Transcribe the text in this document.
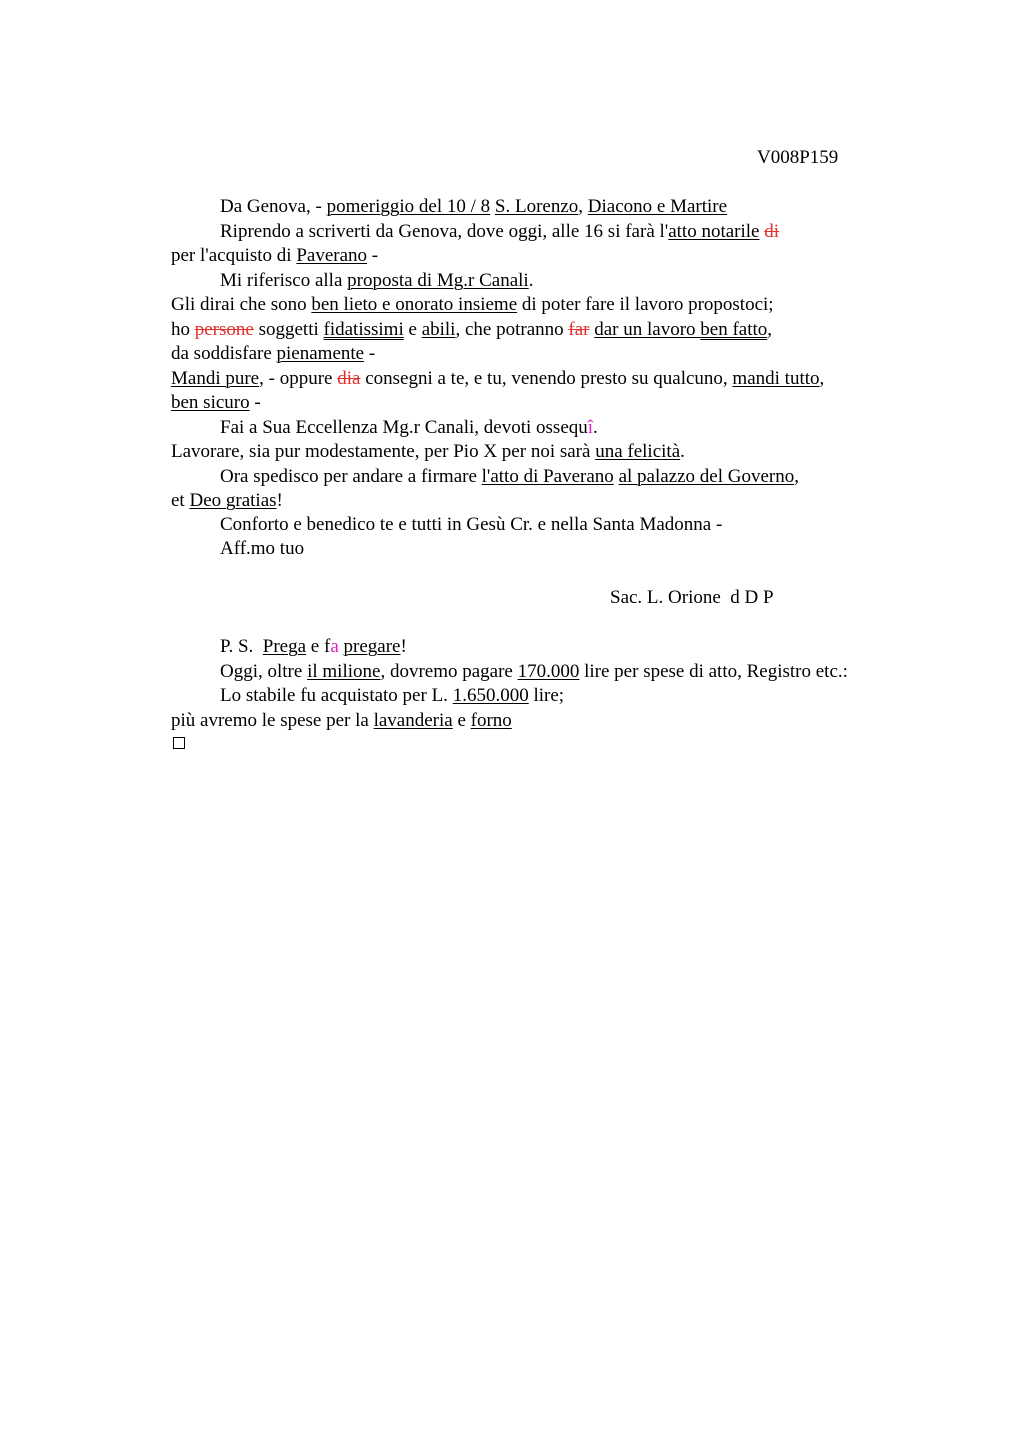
V008P159
Da Genova, - pomeriggio del 10 / 8 S. Lorenzo, Diacono e Martire
Riprendo a scriverti da Genova, dove oggi, alle 16 si farà l'atto notarile di
per l'acquisto di Paverano -
Mi riferisco alla proposta di Mg.r Canali.
Gli dirai che sono ben lieto e onorato insieme di poter fare il lavoro propostoci;
ho persone soggetti fidatissimi e abili, che potranno far dar un lavoro ben fatto,
da soddisfare pienamente -
Mandi pure, - oppure dia consegni a te, e tu, venendo presto su qualcuno, mandi tutto,
ben sicuro -
Fai a Sua Eccellenza Mg.r Canali, devoti ossequî.
Lavorare, sia pur modestamente, per Pio X per noi sarà una felicità.
Ora spedisco per andare a firmare l'atto di Paverano al palazzo del Governo,
et Deo gratias!
Conforto e benedico te e tutti in Gesù Cr. e nella Santa Madonna -
Aff.mo tuo
Sac. L. Orione  d D P
P. S.  Prega e fa pregare!
Oggi, oltre il milione, dovremo pagare 170.000 lire per spese di atto, Registro etc.:
Lo stabile fu acquistato per L. 1.650.000 lire;
più avremo le spese per la lavanderia e forno
